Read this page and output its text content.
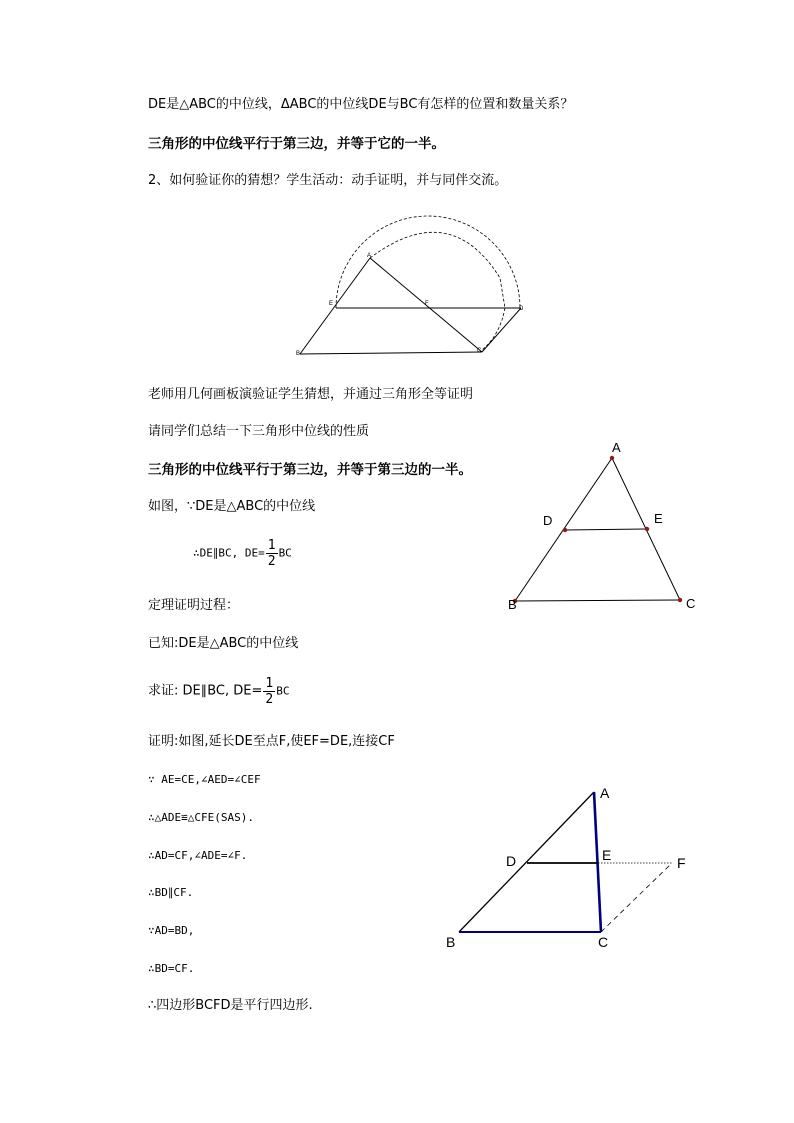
DE是△ABC的中位线，ΔABC的中位线DE与BC有怎样的位置和数量关系？
三角形的中位线平行于第三边，并等于它的一半。
2、如何验证你的猜想？学生活动：动手证明，并与同伴交流。
A
E	F
D
B	C
老师用几何画板演验证学生猜想，并通过三角形全等证明
请同学们总结一下三角形中位线的性质
三角形的中位线平行于第三边，并等于第三边的一半。
如图，∵DE是△ABC的中位线
∴DE∥BC, $DE= \frac{1}{2}$ BC
A
D	E
B	C
定理证明过程：
已知:DE是△ABC的中位线
求证: DE∥BC, $DE= \frac{1}{2}$ BC
证明:如图,延长DE至点F,使EF=DE,连接CF
∵ AE=CE,∠AED=∠CEF
∴△ADE≌△CFE(SAS).
∴AD=CF,∠ADE=∠F.
∴BD∥CF.
∵AD=BD,
∴BD=CF.
∴四边形BCFD是平行四边形.
A
D	E	F
B	C
